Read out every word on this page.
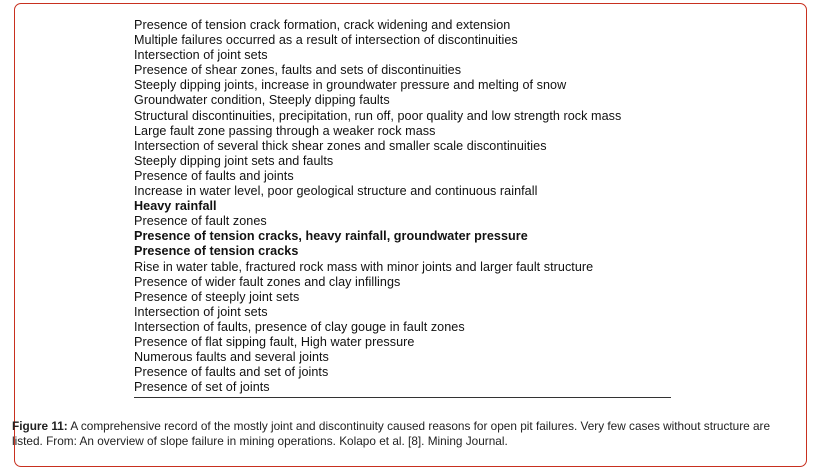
Presence of tension crack formation, crack widening and extension
Multiple failures occurred as a result of intersection of discontinuities
Intersection of joint sets
Presence of shear zones, faults and sets of discontinuities
Steeply dipping joints, increase in groundwater pressure and melting of snow
Groundwater condition, Steeply dipping faults
Structural discontinuities, precipitation, run off, poor quality and low strength rock mass
Large fault zone passing through a weaker rock mass
Intersection of several thick shear zones and smaller scale discontinuities
Steeply dipping joint sets and faults
Presence of faults and joints
Increase in water level, poor geological structure and continuous rainfall
Heavy rainfall
Presence of fault zones
Presence of tension cracks, heavy rainfall, groundwater pressure
Presence of tension cracks
Rise in water table, fractured rock mass with minor joints and larger fault structure
Presence of wider fault zones and clay infillings
Presence of steeply joint sets
Intersection of joint sets
Intersection of faults, presence of clay gouge in fault zones
Presence of flat sipping fault, High water pressure
Numerous faults and several joints
Presence of faults and set of joints
Presence of set of joints
Figure 11: A comprehensive record of the mostly joint and discontinuity caused reasons for open pit failures. Very few cases without structure are listed. From: An overview of slope failure in mining operations. Kolapo et al. [8]. Mining Journal.
